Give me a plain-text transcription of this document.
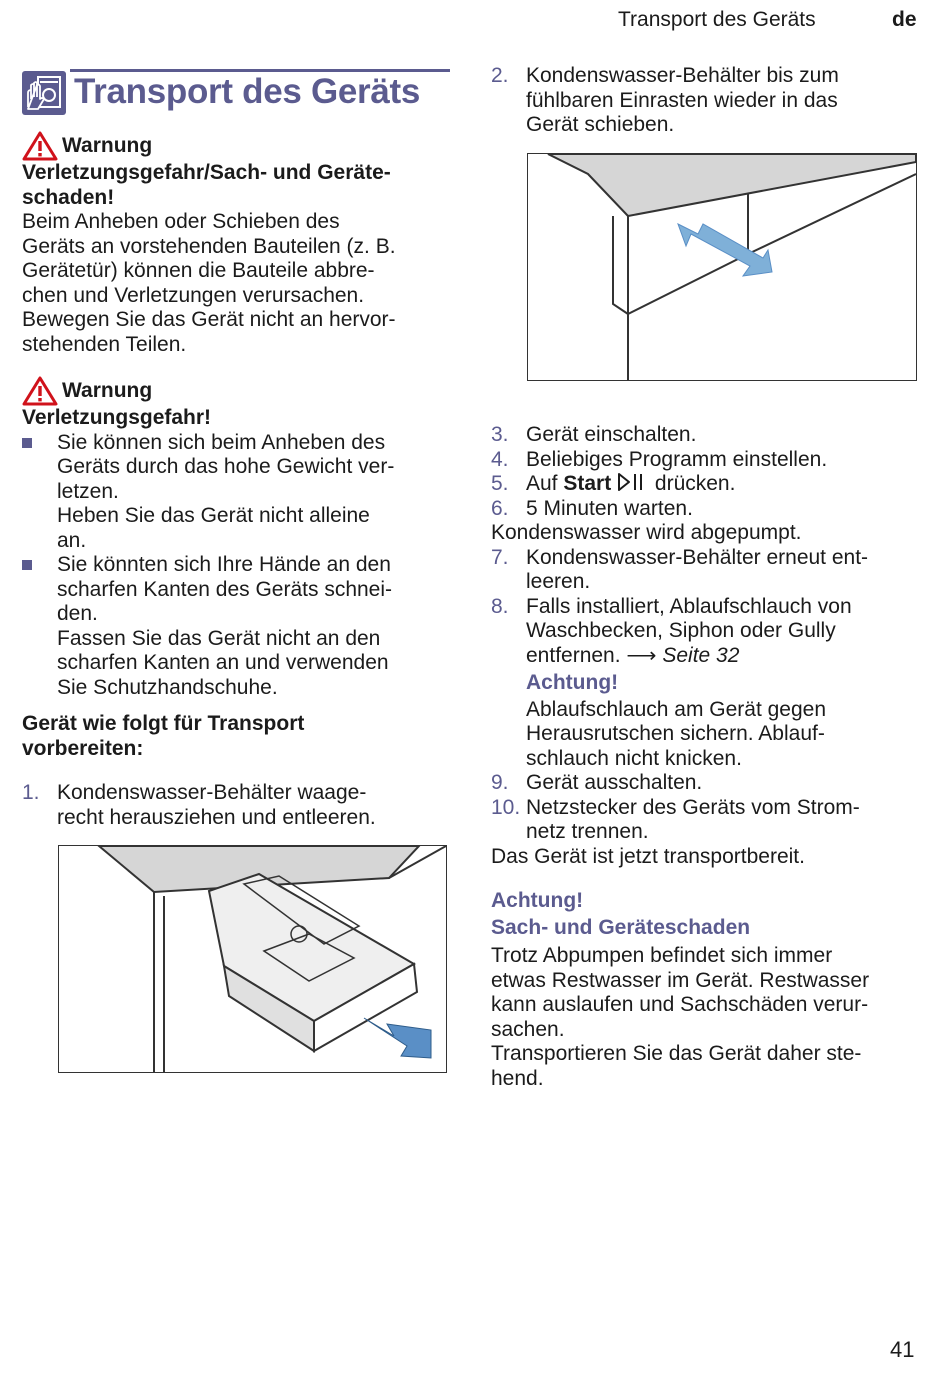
Transport des Geräts	de
Transport des Geräts
Warnung
Verletzungsgefahr/Sach- und Geräte-
schaden!
Beim Anheben oder Schieben des
Geräts an vorstehenden Bauteilen (z. B.
Gerätetür) können die Bauteile abbre-
chen und Verletzungen verursachen.
Bewegen Sie das Gerät nicht an hervor-
stehenden Teilen.
Warnung
Verletzungsgefahr!
Sie können sich beim Anheben des
Geräts durch das hohe Gewicht ver-
letzen.
Heben Sie das Gerät nicht alleine
an.
Sie könnten sich Ihre Hände an den
scharfen Kanten des Geräts schnei-
den.
Fassen Sie das Gerät nicht an den
scharfen Kanten an und verwenden
Sie Schutzhandschuhe.
Gerät wie folgt für Transport
vorbereiten:
1. Kondenswasser-Behälter waage-
recht herausziehen und entleeren.
2. Kondenswasser-Behälter bis zum
fühlbaren Einrasten wieder in das
Gerät schieben.
3. Gerät einschalten.
4. Beliebiges Programm einstellen.
5. Auf Start  drücken.
6. 5 Minuten warten.
Kondenswasser wird abgepumpt.
7. Kondenswasser-Behälter erneut ent-
leeren.
8. Falls installiert, Ablaufschlauch von
Waschbecken, Siphon oder Gully
entfernen. ⟶ Seite 32
Achtung!
Ablaufschlauch am Gerät gegen
Herausrutschen sichern. Ablauf-
schlauch nicht knicken.
9. Gerät ausschalten.
10. Netzstecker des Geräts vom Strom-
netz trennen.
Das Gerät ist jetzt transportbereit.
Achtung!
Sach- und Geräteschaden
Trotz Abpumpen befindet sich immer
etwas Restwasser im Gerät. Restwasser
kann auslaufen und Sachschäden verur-
sachen.
Transportieren Sie das Gerät daher ste-
hend.
41
